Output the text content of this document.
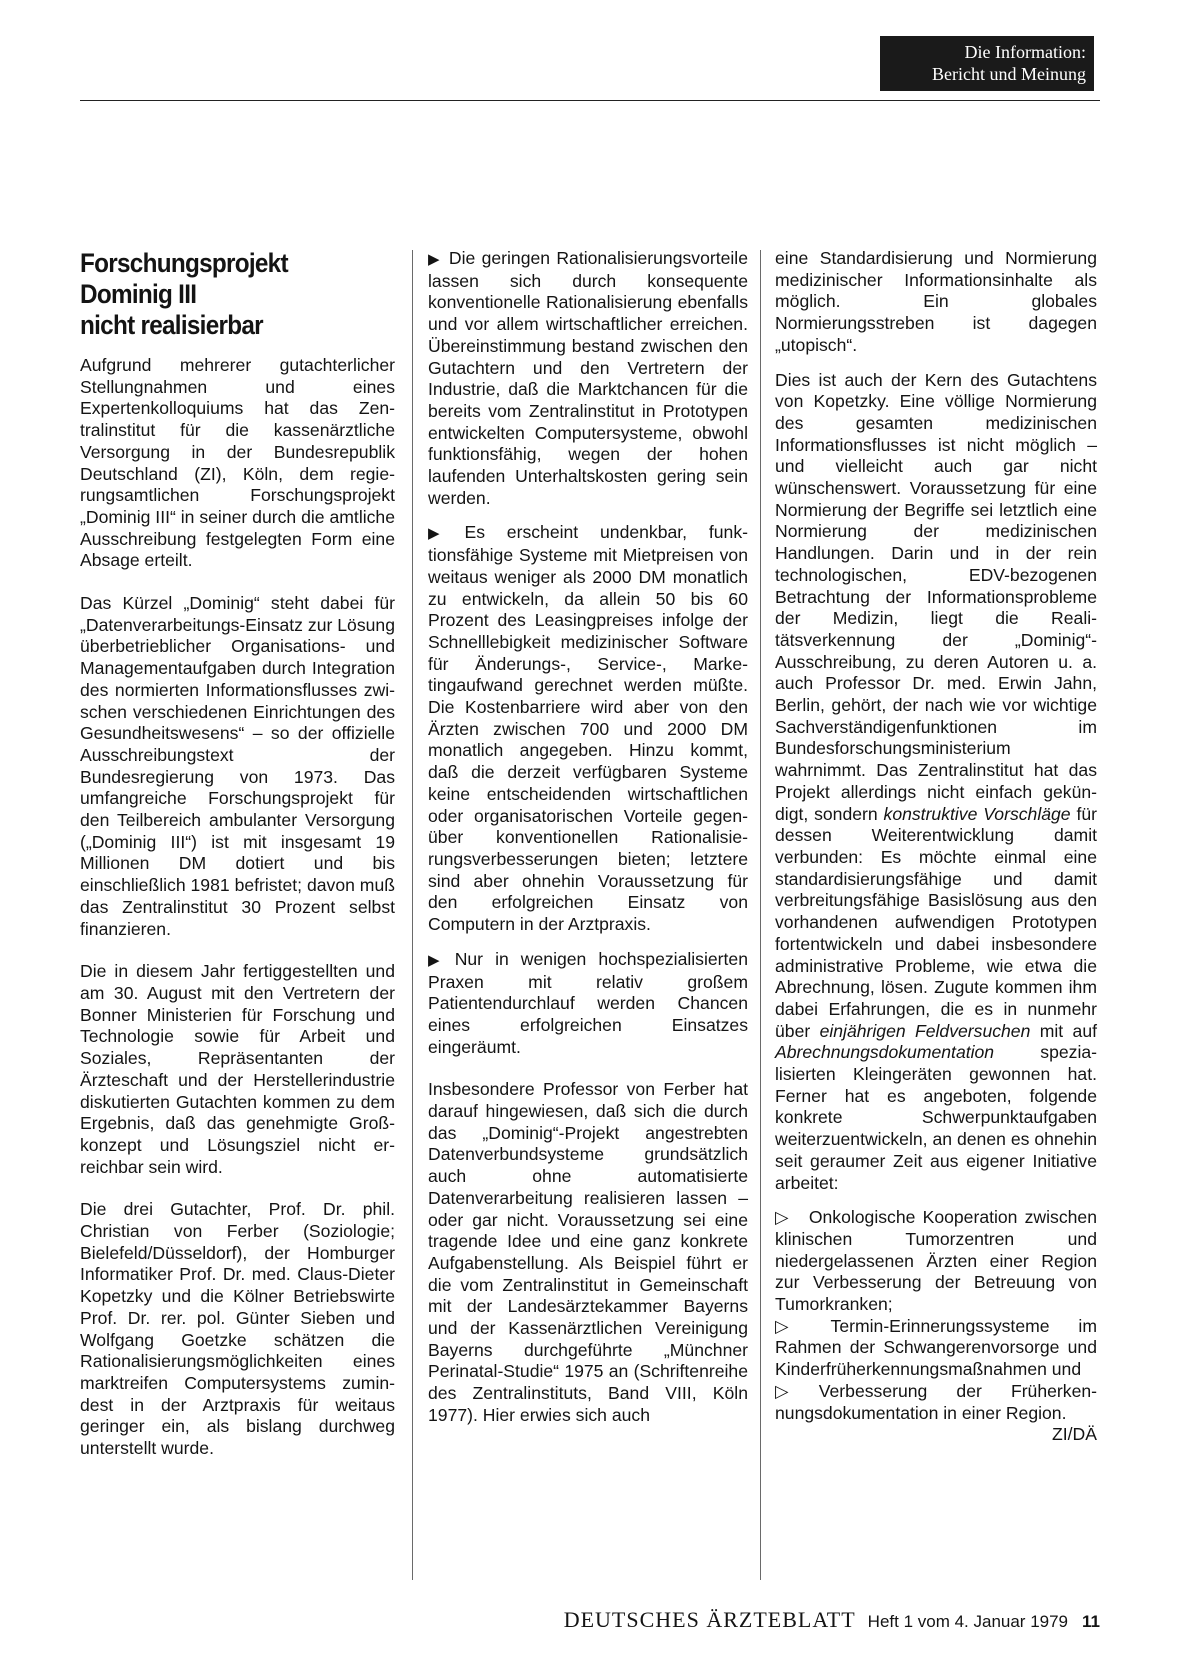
Die Information:
Bericht und Meinung
Forschungsprojekt
Dominig III
nicht realisierbar

Aufgrund mehrerer gutachterlicher Stellungnahmen und eines Expertenkolloquiums hat das Zentralinstitut für die kassenärztliche Versorgung in der Bundesrepublik Deutschland (ZI), Köln, dem regierungsamtlichen Forschungsprojekt „Dominig III“ in seiner durch die amtliche Ausschreibung festgelegten Form eine Absage erteilt.

Das Kürzel „Dominig“ steht dabei für „Datenverarbeitungs-Einsatz zur Lösung überbetrieblicher Organisations- und Managementaufgaben durch Integration des normierten Informationsflusses zwischen verschiedenen Einrichtungen des Gesundheitswesens“ – so der offizielle Ausschreibungstext der Bundesregierung von 1973. Das umfangreiche Forschungsprojekt für den Teilbereich ambulanter Versorgung („Dominig III“) ist mit insgesamt 19 Millionen DM dotiert und bis einschließlich 1981 befristet; davon muß das Zentralinstitut 30 Prozent selbst finanzieren.

Die in diesem Jahr fertiggestellten und am 30. August mit den Vertretern der Bonner Ministerien für Forschung und Technologie sowie für Arbeit und Soziales, Repräsentanten der Ärzteschaft und der Herstellerindustrie diskutierten Gutachten kommen zu dem Ergebnis, daß das genehmigte Großkonzept und Lösungsziel nicht erreichbar sein wird.

Die drei Gutachter, Prof. Dr. phil. Christian von Ferber (Soziologie; Bielefeld/Düsseldorf), der Homburger Informatiker Prof. Dr. med. Claus-Dieter Kopetzky und die Kölner Betriebswirte Prof. Dr. rer. pol. Günter Sieben und Wolfgang Goetzke schätzen die Rationalisierungsmöglichkeiten eines marktreifen Computersystems zumindest in der Arztpraxis für weitaus geringer ein, als bislang durchweg unterstellt wurde.

▶ Die geringen Rationalisierungsvorteile lassen sich durch konsequente konventionelle Rationalisierung ebenfalls und vor allem wirtschaftlicher erreichen. Übereinstimmung bestand zwischen den Gutachtern und den Vertretern der Industrie, daß die Marktchancen für die bereits vom Zentralinstitut in Prototypen entwickelten Computersysteme, obwohl funktionsfähig, wegen der hohen laufenden Unterhaltskosten gering sein werden.

▶ Es erscheint undenkbar, funktionsfähige Systeme mit Mietpreisen von weitaus weniger als 2000 DM monatlich zu entwickeln, da allein 50 bis 60 Prozent des Leasingpreises infolge der Schnelllebigkeit medizinischer Software für Änderungs-, Service-, Marketingaufwand gerechnet werden müßte. Die Kostenbarriere wird aber von den Ärzten zwischen 700 und 2000 DM monatlich angegeben. Hinzu kommt, daß die derzeit verfügbaren Systeme keine entscheidenden wirtschaftlichen oder organisatorischen Vorteile gegenüber konventionellen Rationalisierungsverbesserungen bieten; letztere sind aber ohnehin Voraussetzung für den erfolgreichen Einsatz von Computern in der Arztpraxis.

▶ Nur in wenigen hochspezialisierten Praxen mit relativ großem Patientendurchlauf werden Chancen eines erfolgreichen Einsatzes eingeräumt.

Insbesondere Professor von Ferber hat darauf hingewiesen, daß sich die durch das „Dominig“-Projekt angestrebten Datenverbundsysteme grundsätzlich auch ohne automatisierte Datenverarbeitung realisieren lassen – oder gar nicht. Voraussetzung sei eine tragende Idee und eine ganz konkrete Aufgabenstellung. Als Beispiel führt er die vom Zentralinstitut in Gemeinschaft mit der Landesärztekammer Bayerns und der Kassenärztlichen Vereinigung Bayerns durchgeführte „Münchner Perinatal-Studie“ 1975 an (Schriftenreihe des Zentralinstituts, Band VIII, Köln 1977). Hier erwies sich auch

eine Standardisierung und Normierung medizinischer Informationsinhalte als möglich. Ein globales Normierungsstreben ist dagegen „utopisch“.

Dies ist auch der Kern des Gutachtens von Kopetzky. Eine völlige Normierung des gesamten medizinischen Informationsflusses ist nicht möglich – und vielleicht auch gar nicht wünschenswert. Voraussetzung für eine Normierung der Begriffe sei letztlich eine Normierung der medizinischen Handlungen. Darin und in der rein technologischen, EDV-bezogenen Betrachtung der Informationsprobleme der Medizin, liegt die Realitätsverkennung der „Dominig“-Ausschreibung, zu deren Autoren u. a. auch Professor Dr. med. Erwin Jahn, Berlin, gehört, der nach wie vor wichtige Sachverständigenfunktionen im Bundesforschungsministerium wahrnimmt. Das Zentralinstitut hat das Projekt allerdings nicht einfach gekündigt, sondern konstruktive Vorschläge für dessen Weiterentwicklung damit verbunden: Es möchte einmal eine standardisierungsfähige und damit verbreitungsfähige Basislösung aus den vorhandenen aufwendigen Prototypen fortentwickeln und dabei insbesondere administrative Probleme, wie etwa die Abrechnung, lösen. Zugute kommen ihm dabei Erfahrungen, die es in nunmehr über einjährigen Feldversuchen mit auf Abrechnungsdokumentation	spezialisierten Kleingeräten gewonnen hat. Ferner hat es angeboten, folgende konkrete Schwerpunktaufgaben weiterzuentwickeln, an denen es ohnehin seit geraumer Zeit aus eigener Initiative arbeitet:

▷ Onkologische Kooperation zwischen klinischen Tumorzentren und niedergelassenen Ärzten einer Region zur Verbesserung der Betreuung von Tumorkranken;

▷ Termin-Erinnerungssysteme im Rahmen der Schwangerenvorsorge und Kinderfrüherkennungsmaßnahmen und

▷ Verbesserung der Früherkennungsdokumentation in einer Region.
ZI/DÄ

DEUTSCHES ÄRZTEBLATT Heft 1 vom 4. Januar 1979 11
